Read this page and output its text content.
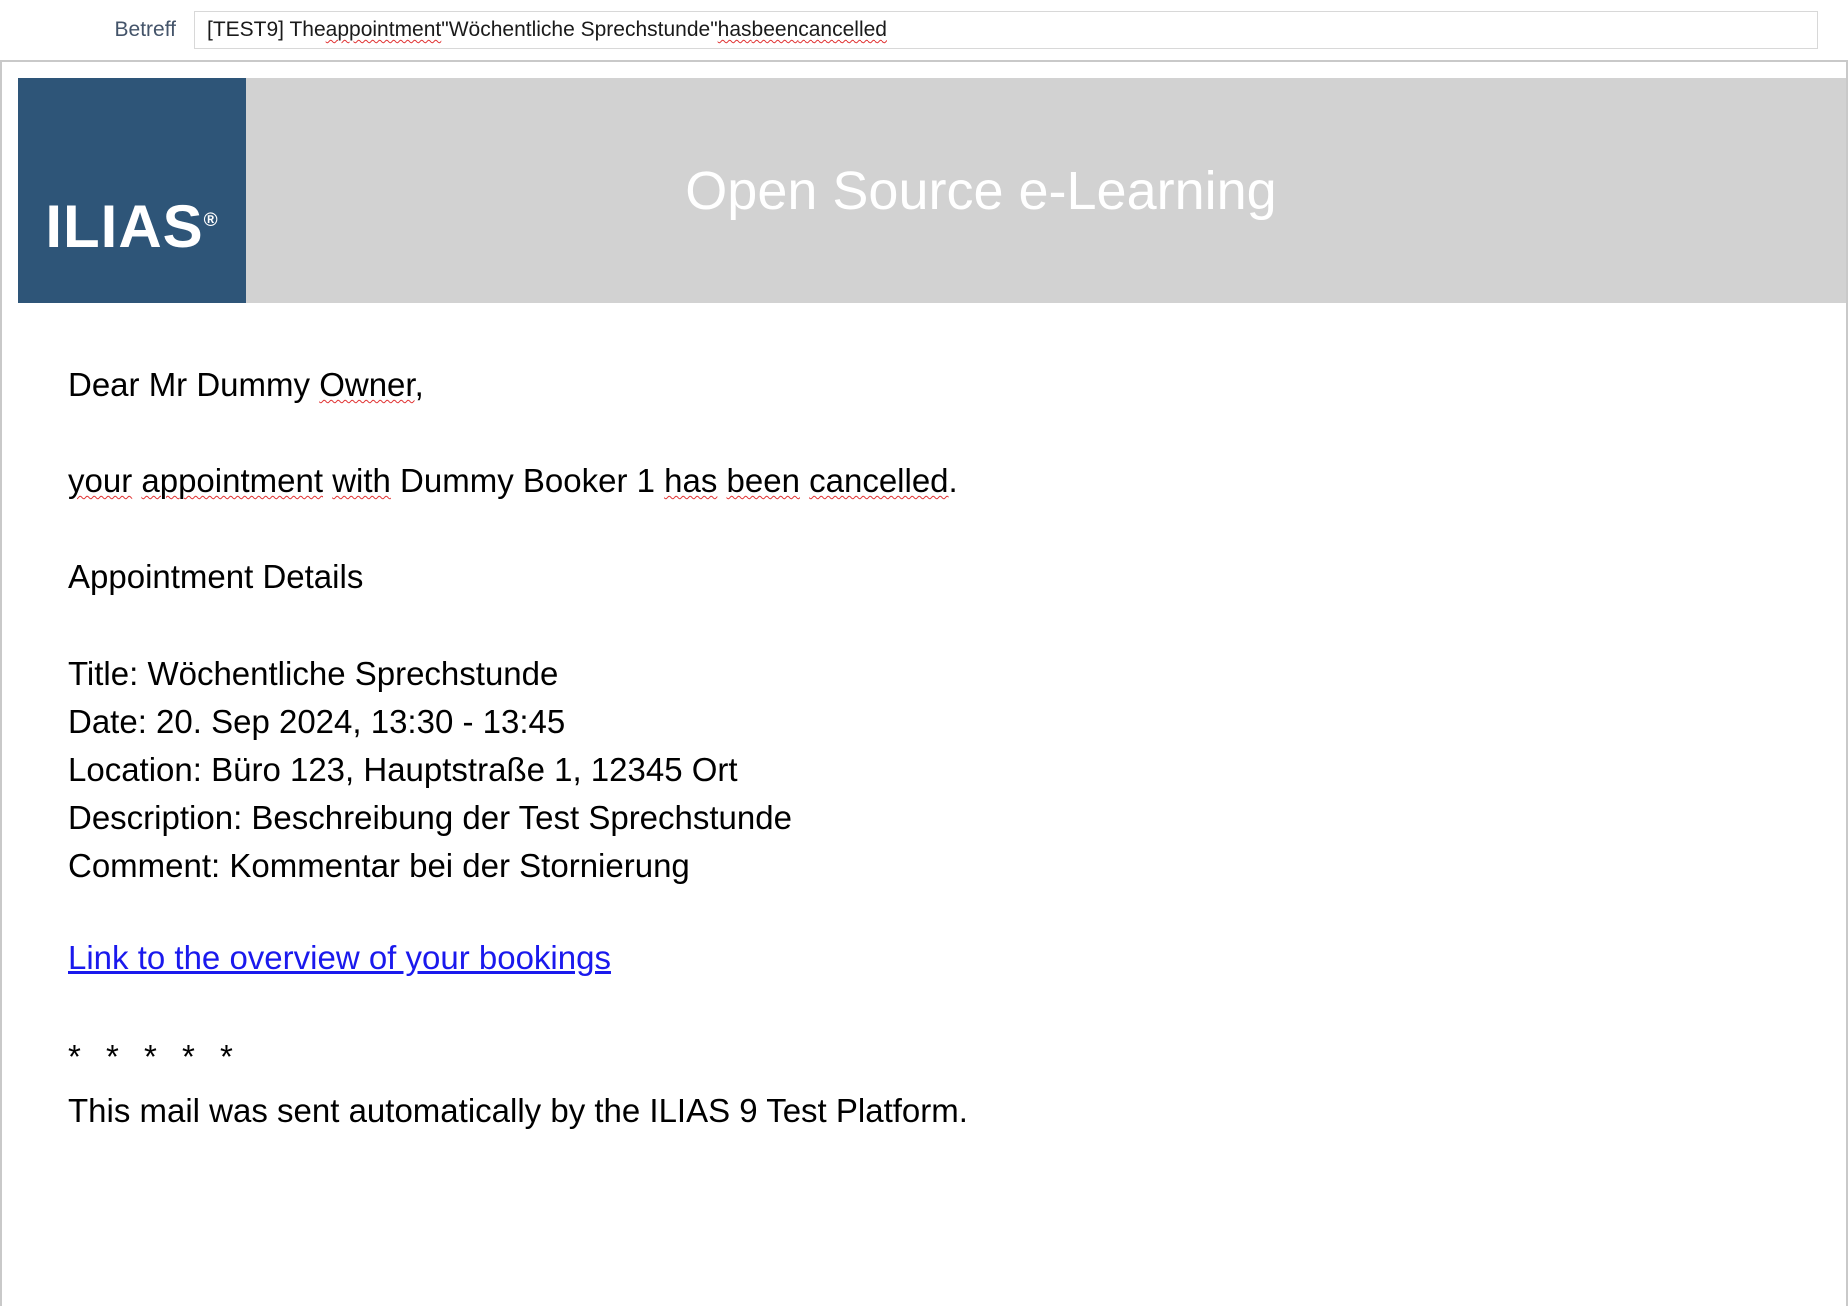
Betreff	[TEST9] The appointment "Wöchentliche Sprechstunde" has been cancelled
ILIAS®	Open Source e-Learning

Dear Mr Dummy Owner,

your appointment with Dummy Booker 1 has been cancelled.

Appointment Details

Title: Wöchentliche Sprechstunde
Date: 20. Sep 2024, 13:30 - 13:45
Location: Büro 123, Hauptstraße 1, 12345 Ort
Description: Beschreibung der Test Sprechstunde
Comment: Kommentar bei der Stornierung
Link to the overview of your bookings
* * * * *
This mail was sent automatically by the ILIAS 9 Test Platform.
